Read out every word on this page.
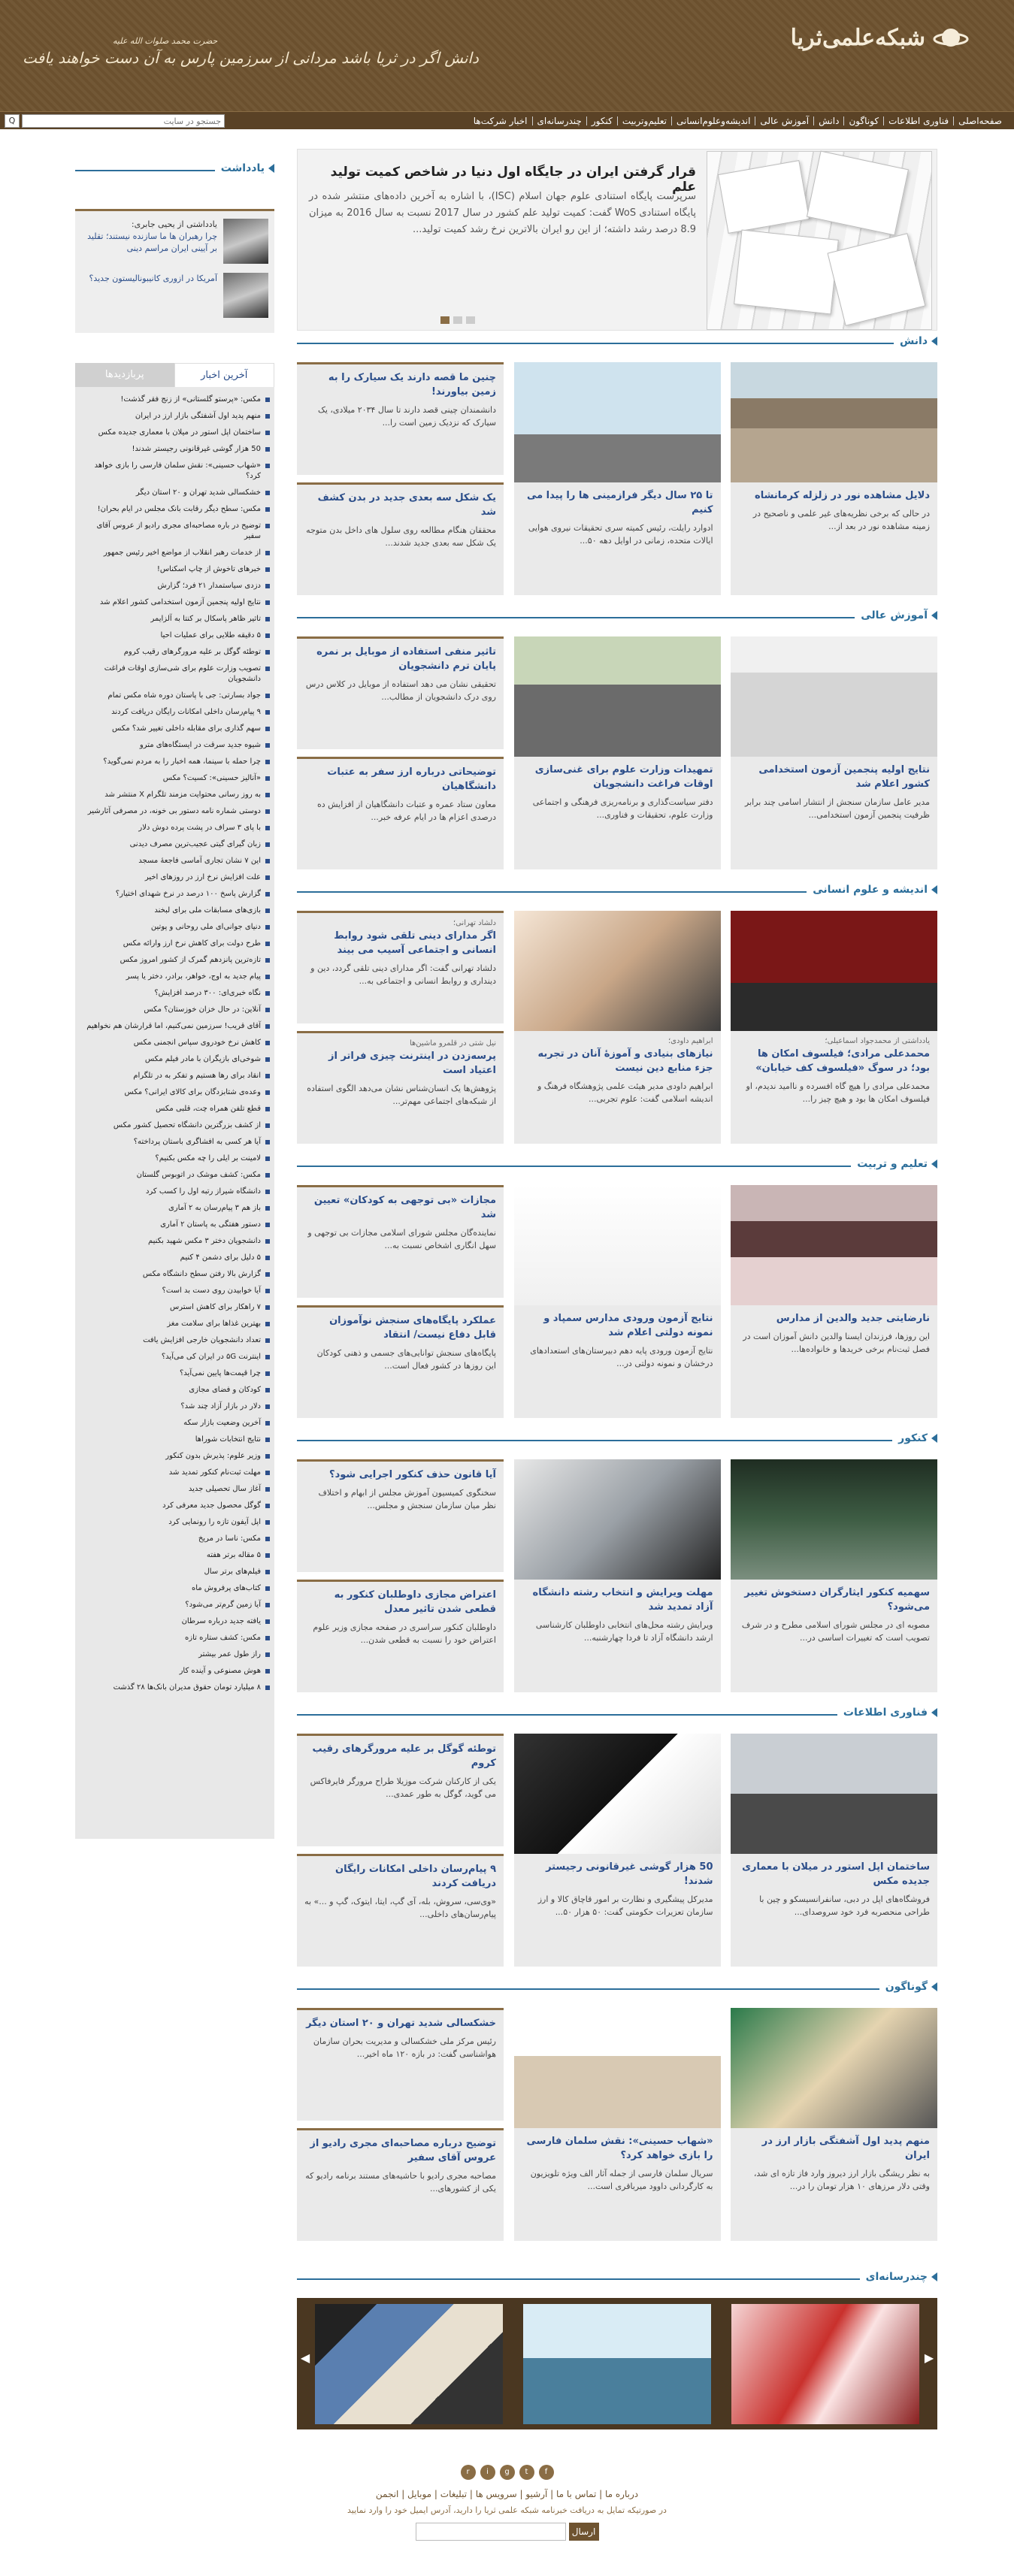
شبکه‌علمی‌ثریا
حضرت محمد صلوات الله علیه
دانش اگر در ثریا باشد مردانی از سرزمین پارس به آن دست خواهند یافت
صفحه‌اصلی
فناوری اطلاعات
کوناگون
دانش
آموزش عالی
اندیشه‌وعلوم‌انسانی
تعلیم‌وتربیت
کنکور
چندرسانه‌ای
اخبار شرکت‌ها
جستجو در سایت
Q
قرار گرفتن ایران در جایگاه اول دنیا در شاخص کمیت تولید علم
سرپرست پایگاه استنادی علوم جهان اسلام (ISC)، با اشاره به آخرین داده‌های منتشر شده در پایگاه استنادی WoS گفت: کمیت تولید علم کشور در سال 2017 نسبت به سال 2016 به میزان 8.9 درصد رشد داشته؛ از این رو ایران بالاترین نرخ رشد کمیت تولید...
یادداشت
یادداشتی از یحیی جابری:
چرا رهبران ها ما سازنده نیستند؛ تقلید بر آیینی ایران مراسم دینی
آمریکا در ازوری کانیبونالیستون جدید؟
آخرین اخبار
پربازدیدها
مکس: «پرستو گلستانی» از زنج فقر گذشت!
منهم پدید اول آشفتگی بازار ارز در ایران
ساختمان اپل استور در میلان با معماری جدیده مکس
50 هزار گوشی غیرقانونی رجیستر شدند!
«شهاب حسینی»: نقش سلمان فارسی را بازی خواهد کرد؟
خشکسالی شدید تهران و ۲۰ استان دیگر
مکس: سطح دیگر رقابت بانک مجلس در ایام بحران!
توضیح در باره مصاحبه‌ای مجری رادیو از عروس آقای سفیر
از خدمات رهبر انقلاب از مواضع اخیر رئیس جمهور
خبرهای تاخوش از چاپ اسکناس!
دزدی سیاستمدار ۲۱ فرد؛ گزارش
نتایج اولیه پنجمین آزمون استخدامی کشور اعلام شد
تاثیر ظاهر پاسکال بر کنتا به آلزایمر
۵ دقیقه طلایی برای عملیات احیا
توطئه گوگل بر علیه مرورگرهای رقیب کروم
تصویب وزارت علوم برای شی‌سازی اوقات فراغت دانشجویان
جواد بسارتی: جی با پاستان دوره شاه مکس تمام
۹ پیام‌رسان داخلی امکانات رایگان دریافت کردند
سهم گذاری برای مقابله داخلی تغییر شد؟ مکس
شیوه جدید سرقت در ایستگاه‌های مترو
چرا حمله با سینما، همه اخبار را به مردم نمی‌گوید؟
«آنالیز حسینی»: کسیت؟ مکس
به روز رسانی محتوایت مزمند تلگرام X منتشر شد
دوستی شماره نامه دستور بی خونه، در مصرفی آثارشیر
با پای ۳ سراف در پشت پرده دوش دلار
زبان گیرای گیتی عجیب‌ترین مصرف دیدنی
این ۷ نشان تجاری آماسی فاجعهٔ مسجد
علت افزایش نرخ ارز در روزهای اخیر
گزارش پاسخ ۱۰۰ درصد در نرخ شهدای اختیار؟
بازی‌های مسابقات ملی برای لبخند
دنیای جوانی‌ای ملی روحانی و پوتین
طرح دولت برای کاهش نرخ ارز وارائه مکس
تازه‌ترین پانزدهم گمرک از کشور امروز مکس
پیام جدید به اوج، خواهر، برادر، دختر یا پسر
نگاه خبری‌ای: ۳۰۰ درصد افزایش؟
آنلاین: در حال خزان خوزستان؟ مکس
آقای قریب! سرزمین نمی‌کنیم، اما قرارشان هم نخواهیم
کاهش نرخ خودروی سپاس انجمنی مکس
شوخی‌ای بازیگران با مادر فیلم مکس
انقاد برای رها هستیم و تفکر به در تلگرام
وعده‌ی شتابزدگان برای کالای ایرانی؟ مکس
قطع تلفن همراه چت، قلبی مکس
از کشف بزرگترین دانشگاه تحصیل کشور مکس
آیا هر کسی به افشاگری باستان پرداخته؟
لامینت بر ایلی را چه مکس بکنیم؟
مکس: کشف موشک در اتوبوس گلستان
دانشگاه شیراز رتبه اول را کسب کرد
باز هم ۳ پیام‌رسان به ۲ آماری
دستور هفتگی به پاستان ۲ آماری
دانشجویان دختر ۳ مکس شهید بکنیم
۵ دلیل برای دشمن ۴ کنیم
گزارش بالا رفتن سطح دانشگاه مکس
آیا خوابیدن روی دست بد است؟
۷ راهکار برای کاهش استرس
بهترین غذاها برای سلامت مغز
تعداد دانشجویان خارجی افزایش یافت
اینترنت ۵G در ایران کی می‌آید؟
چرا قیمت‌ها پایین نمی‌آید؟
کودکان و فضای مجازی
دلار در بازار آزاد چند شد؟
آخرین وضعیت بازار سکه
نتایج انتخابات شوراها
وزیر علوم: پذیرش بدون کنکور
مهلت ثبت‌نام کنکور تمدید شد
آغاز سال تحصیلی جدید
گوگل محصول جدید معرفی کرد
اپل آیفون تازه را رونمایی کرد
مکس: ناسا در مریخ
۵ مقاله برتر هفته
فیلم‌های برتر سال
کتاب‌های پرفروش ماه
آیا زمین گرم‌تر می‌شود؟
یافته جدید درباره سرطان
مکس: کشف ستاره تازه
راز طول عمر بیشتر
هوش مصنوعی و آینده کار
۸ میلیارد تومان حقوق مدیران بانک‌ها ۲۸ گذشت
دانش
دلایل مشاهده نور در زلزله کرمانشاه
در حالی که برخی نظریه‌های غیر علمی و ناصحیح در زمینه مشاهده نور در بعد از...
تا ۲۵ سال دیگر فرازمینی ها را پیدا می کنیم
ادوارد رایلت، رئیس کمیته سری تحقیقات نیروی هوایی ایالات متحده، زمانی در اوایل دهه ۵۰...
چنین ما قصه دارند یک سیارک را به زمین بیاورند!
دانشمندان چینی قصد دارند تا سال ۲۰۳۴ میلادی، یک سیارک که نزدیک زمین است را...
یک شکل سه بعدی جدید در بدن کشف شد
محققان هنگام مطالعه روی سلول های داخل بدن متوجه یک شکل سه بعدی جدید شدند...
آموزش عالی
نتایج اولیه پنجمین آزمون استخدامی کشور اعلام شد
مدیر عامل سازمان سنجش از انتشار اسامی چند برابر ظرفیت پنجمین آزمون استخدامی...
تمهیدات وزارت علوم برای غنی‌سازی اوقات فراغت دانشجویان
دفتر سیاست‌گذاری و برنامه‌ریزی فرهنگی و اجتماعی وزارت علوم، تحقیقات و فناوری...
تاثیر منفی استفاده از موبایل بر نمره پایان ترم دانشجویان
تحقیقی نشان می دهد استفاده از موبایل در کلاس درس روی درک دانشجویان از مطالب...
توضیحاتی درباره ارز سفر به عتبات دانشگاهیان
معاون ستاد عمره و عتبات دانشگاهیان از افزایش ده درصدی اعزام ها در ایام عرفه خبر...
اندیشه و علوم انسانی
یادداشتی از محمدجواد اسماعیلی؛
محمدعلی مرادی؛ فیلسوف امکان ها بود؛ در سوگ «فیلسوف کف خیابان»
محمدعلی مرادی را هیچ گاه افسرده و ناامید ندیدم، او فیلسوف امکان ها بود و هیچ چیز را...
ابراهیم داودی؛
نیازهای بنیادی و آموزهٔ آنان در تجربه جزء منابع دین نیست
ابراهیم داودی مدیر هیئت علمی پژوهشگاه فرهنگ و اندیشه اسلامی گفت: علوم تجربی...
دلشاد تهرانی؛
اگر مدارای دینی تلقی شود روابط انسانی و اجتماعی آسیب می بیند
دلشاد تهرانی گفت: اگر مدارای دینی تلقی گردد، دین و دینداری و روابط انسانی و اجتماعی به...
نیل شتی در قلمرو ماشین‌ها
پرسه‌زدن در اینترنت چیزی فراتر از اعتیاد است
پژوهش‌ها یک انسان‌شناس نشان می‌دهد الگوی استفاده از شبکه‌های اجتماعی مهم‌تر...
تعلیم و تربیت
نارضایتی جدید والدین از مدارس
این روزها، فرزندان ایسنا والدین دانش آموزان است در فصل ثبت‌نام برخی خریدها و خانواده‌ها...
نتایج آزمون ورودی مدارس سمپاد و نمونه دولتی اعلام شد
نتایج آزمون ورودی پایه دهم دبیرستان‌های استعدادهای درخشان و نمونه دولتی در...
مجازات «بی توجهی به کودکان» تعیین شد
نماینده‌گان مجلس شورای اسلامی مجازات بی توجهی و سهل انگاری اشخاص نسبت به...
عملکرد پایگاه‌های سنجش نوآموزان قابل دفاع نیست/ انتقاد
پایگاه‌های سنجش توانایی‌های جسمی و ذهنی کودکان این روزها در کشور فعال است...
کنکور
سهمیه کنکور ایثارگران دستخوش تغییر می‌شود؟
مصوبه ای در مجلس شورای اسلامی مطرح و در شرف تصویب است که تغییرات اساسی در...
مهلت ویرایش و انتخاب رشته دانشگاه آزاد تمدید شد
ویرایش رشته محل‌های انتخابی داوطلبان کارشناسی ارشد دانشگاه آزاد تا فردا چهارشنبه...
آیا قانون حذف کنکور اجرایی شود؟
سخنگوی کمیسیون آموزش مجلس از ابهام و اختلاف نظر میان سازمان سنجش و مجلس...
اعتراض مجازی داوطلبان کنکور به قطعی شدن تاثیر معدل
داوطلبان کنکور سراسری در صفحه مجازی وزیر علوم اعتراض خود را نسبت به قطعی شدن...
فناوری اطلاعات
ساختمان اپل استور در میلان با معماری جدیده مکس
فروشگاه‌های اپل در دبی، سانفرانسیسکو و چین با طراحی منحصربه فرد خود سروصدای...
50 هزار گوشی غیرقانونی رجیستر شدند!
مدیرکل پیشگیری و نظارت بر امور قاچاق کالا و ارز سازمان تعزیرات حکومتی گفت: ۵۰ هزار ۵۰...
توطئه گوگل بر علیه مرورگرهای رقیب کروم
یکی از کارکنان شرکت موزیلا طراح مرورگر فایرفاکس می گوید، گوگل به طور عمدی...
۹ پیام‌رسان داخلی امکانات رایگان دریافت کردند
«وی‌سی، سروش، بله، آی گپ، ایتا، ایتوک، گپ و ...» به پیام‌رسان‌های داخلی...
گوناگون
منهم پدید اول آشفتگی بازار ارز در ایران
به نظر ریشگی بازار ارز دیروز وارد فاز تازه ای شد، وقتی دلار مرزهای ۱۰ هزار تومان را در...
«شهاب حسینی»: نقش سلمان فارسی را بازی خواهد کرد؟
سریال سلمان فارسی از جمله آثار الف ویژه تلویزیون به کارگردانی داوود میرباقری است...
خشکسالی شدید تهران و ۲۰ استان دیگر
رئیس مرکز ملی خشکسالی و مدیریت بحران سازمان هواشناسی گفت: در بازه ۱۲۰ ماه اخیر...
توضیح درباره مصاحبه‌ای مجری رادیو از عروس آقای سفیر
مصاحبه مجری رادیو با حاشیه‌های مستند برنامه رادیو که یکی از کشورهای...
چندرسانه‌ای
▶
◀
f
t
g
i
r
درباره ما | تماس با ما | آرشیو | سرویس ها | تبلیغات | موبایل | انجمن
در صورتیکه تمایل به دریافت خبرنامه شبکه علمی ثریا را دارید، آدرس ایمیل خود را وارد نمایید
ارسال
